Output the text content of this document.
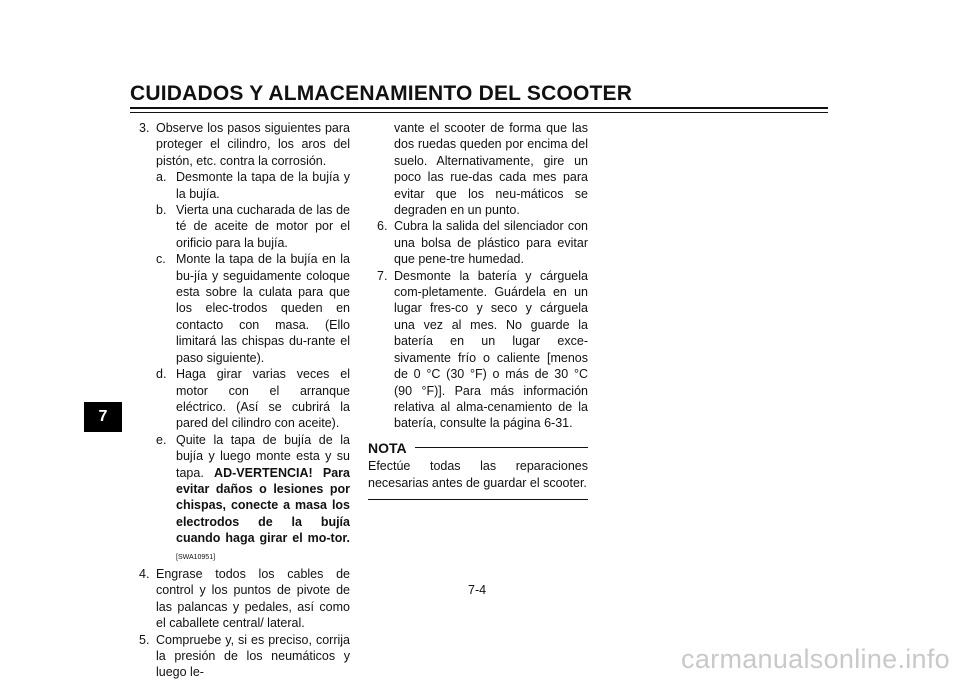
CUIDADOS Y ALMACENAMIENTO DEL SCOOTER
7
3. Observe los pasos siguientes para proteger el cilindro, los aros del pistón, etc. contra la corrosión.
a. Desmonte la tapa de la bujía y la bujía.
b. Vierta una cucharada de las de té de aceite de motor por el orificio para la bujía.
c. Monte la tapa de la bujía en la bu-jía y seguidamente coloque esta sobre la culata para que los elec-trodos queden en contacto con masa. (Ello limitará las chispas du-rante el paso siguiente).
d. Haga girar varias veces el motor con el arranque eléctrico. (Así se cubrirá la pared del cilindro con aceite).
e. Quite la tapa de bujía de la bujía y luego monte esta y su tapa. AD-VERTENCIA! Para evitar daños o lesiones por chispas, conecte a masa los electrodos de la bujía cuando haga girar el mo-tor.[SWA10951]
4. Engrase todos los cables de control y los puntos de pivote de las palancas y pedales, así como el caballete central/ lateral.
5. Compruebe y, si es preciso, corrija la presión de los neumáticos y luego le-
vante el scooter de forma que las dos ruedas queden por encima del suelo. Alternativamente, gire un poco las rue-das cada mes para evitar que los neu-máticos se degraden en un punto.
6. Cubra la salida del silenciador con una bolsa de plástico para evitar que pene-tre humedad.
7. Desmonte la batería y cárguela com-pletamente. Guárdela en un lugar fres-co y seco y cárguela una vez al mes. No guarde la batería en un lugar exce-sivamente frío o caliente [menos de 0 °C (30 °F) o más de 30 °C (90 °F)]. Para más información relativa al alma-cenamiento de la batería, consulte la página 6-31.
NOTA
Efectúe todas las reparaciones necesarias antes de guardar el scooter.
7-4
carmanualsonline.info
